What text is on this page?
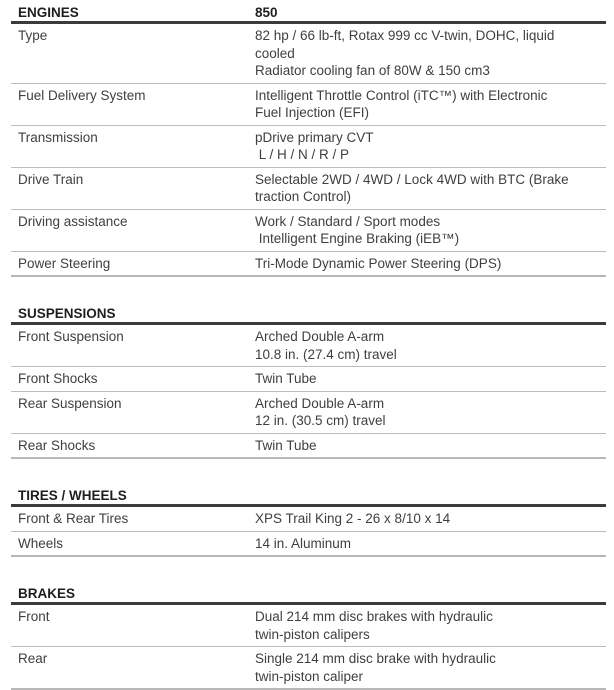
ENGINES	850
Type	82 hp / 66 lb-ft, Rotax 999 cc V-twin, DOHC, liquid
cooled
Radiator cooling fan of 80W & 150 cm3
Fuel Delivery System	Intelligent Throttle Control (iTC™) with Electronic
Fuel Injection (EFI)
Transmission	pDrive primary CVT
L / H / N / R / P
Drive Train	Selectable 2WD / 4WD / Lock 4WD with BTC (Brake
traction Control)
Driving assistance	Work / Standard / Sport modes
Intelligent Engine Braking (iEB™)
Power Steering	Tri-Mode Dynamic Power Steering (DPS)
SUSPENSIONS
Front Suspension	Arched Double A-arm
10.8 in. (27.4 cm) travel
Front Shocks	Twin Tube
Rear Suspension	Arched Double A-arm
12 in. (30.5 cm) travel
Rear Shocks	Twin Tube
TIRES / WHEELS
Front & Rear Tires	XPS Trail King 2 - 26 x 8/10 x 14
Wheels	14 in. Aluminum
BRAKES
Front	Dual 214 mm disc brakes with hydraulic
twin-piston calipers
Rear	Single 214 mm disc brake with hydraulic
twin-piston caliper
